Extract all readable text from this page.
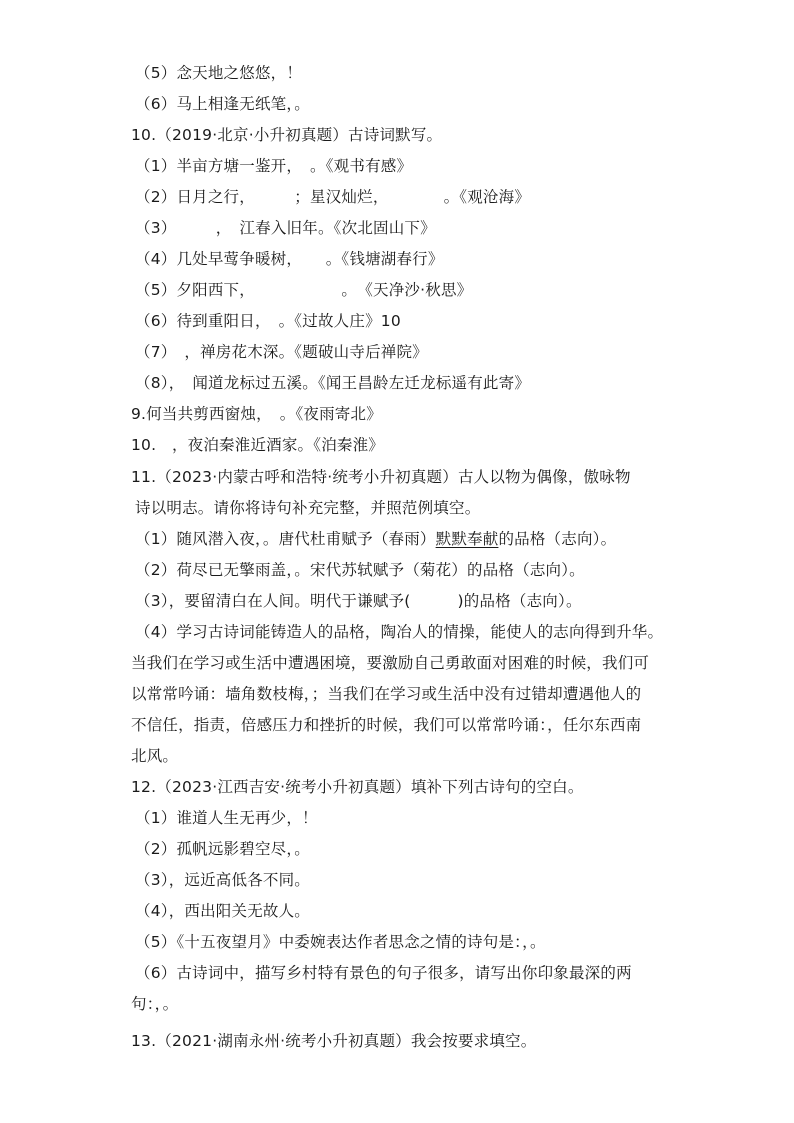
（5）念天地之悠悠，！
（6）马上相逢无纸笔，。
10.（2019·北京·小升初真题）古诗词默写。
（1）半亩方塘一鉴开，　。《观书有感》
（2）日月之行，　　　；星汉灿烂，　　　　。《观沧海》
（3）　　　，　江春入旧年。《次北固山下》
（4）几处早莺争暖树，　　。《钱塘湖春行》
（5）夕阳西下，　　　　　　。　《天净沙·秋思》
（6）待到重阳日，　。《过故人庄》10
（7）　，禅房花木深。《题破山寺后禅院》
（8），　闻道龙标过五溪。《闻王昌龄左迁龙标遥有此寄》
9.何当共剪西窗烛，　。《夜雨寄北》
10.　，夜泊秦淮近酒家。《泊秦淮》
11.（2023·内蒙古呼和浩特·统考小升初真题）古人以物为偶像，傲咏物
诗以明志。请你将诗句补充完整，并照范例填空。
（1）随风潜入夜，。唐代杜甫赋予（春雨）默默奉献的品格（志向）。
（2）荷尽已无擎雨盖，。宋代苏轼赋予（菊花）的品格（志向）。
（3），要留清白在人间。明代于谦赋予(　　　)的品格（志向）。
（4）学习古诗词能铸造人的品格，陶冶人的情操，能使人的志向得到升华。
当我们在学习或生活中遭遇困境，要激励自己勇敢面对困难的时候，我们可
以常常吟诵：墙角数枝梅，；当我们在学习或生活中没有过错却遭遇他人的
不信任，指责，倍感压力和挫折的时候，我们可以常常吟诵：，任尔东西南
北风。
12.（2023·江西吉安·统考小升初真题）填补下列古诗句的空白。
（1）谁道人生无再少，！
（2）孤帆远影碧空尽，。
（3），远近高低各不同。
（4），西出阳关无故人。
（5）《十五夜望月》中委婉表达作者思念之情的诗句是：，。
（6）古诗词中，描写乡村特有景色的句子很多，请写出你印象最深的两
句：，。
13.（2021·湖南永州·统考小升初真题）我会按要求填空。
